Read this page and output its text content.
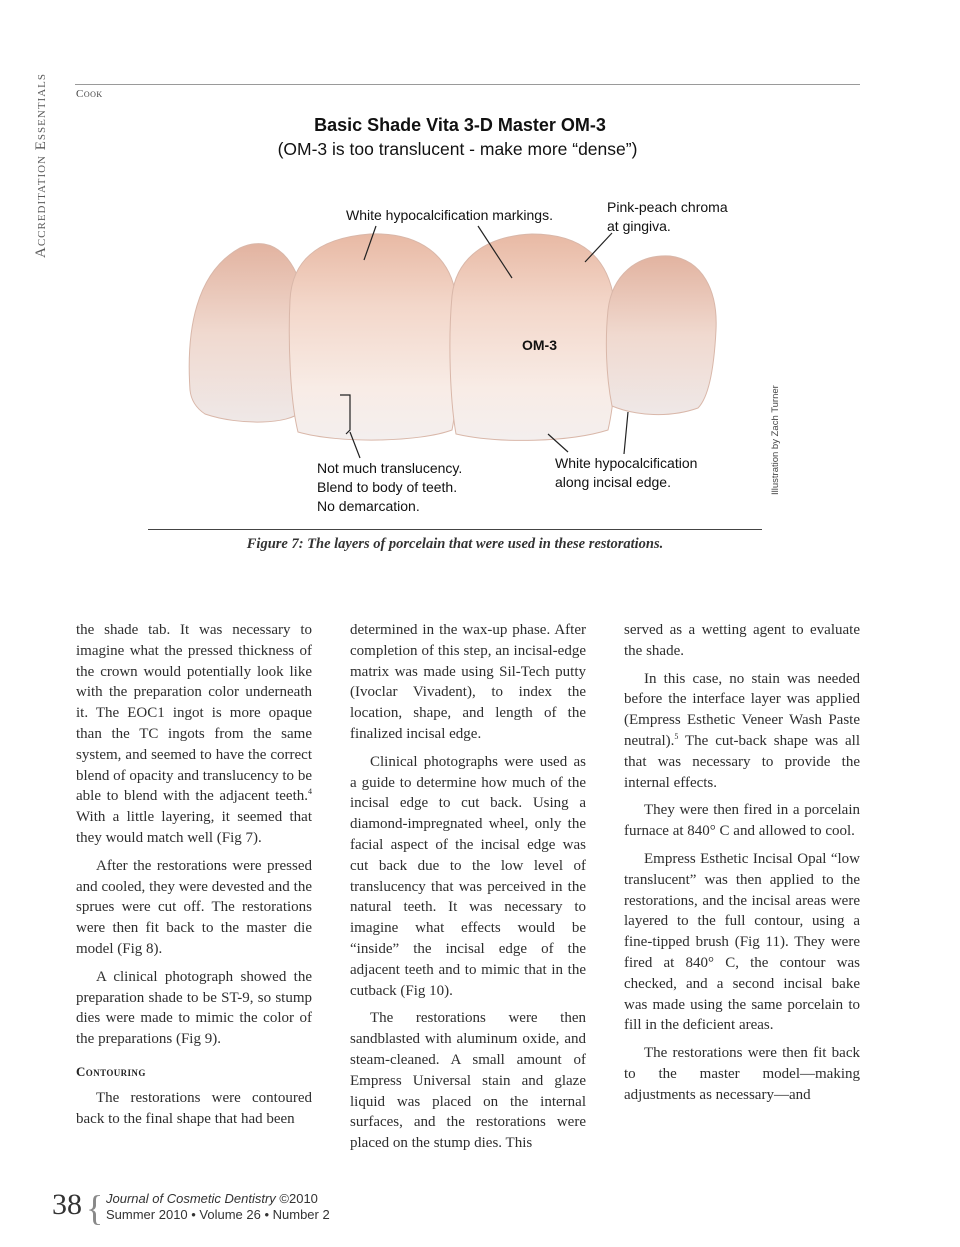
Accreditation Essentials Cook
Basic Shade Vita 3-D Master OM-3
(OM-3 is too translucent - make more “dense”)
White hypocalcification markings.	Pink-peach chroma
at gingiva.
OM-3
Not much translucency.
Blend to body of teeth.
No demarcation.
White hypocalcification
along incisal edge.	Illustration by Zach Turner
Figure 7: The layers of porcelain that were used in these restorations.

the shade tab. It was necessary to imagine what the pressed thickness of the crown would potentially look like with the preparation color underneath it. The EOC1 ingot is more opaque than the TC ingots from the same system, and seemed to have the correct blend of opacity and translucency to be able to blend with the adjacent teeth.$^4$ With a little layering, it seemed that they would match well (Fig 7).

After the restorations were pressed and cooled, they were devested and the sprues were cut off. The restorations were then fit back to the master die model (Fig 8).

A clinical photograph showed the preparation shade to be ST-9, so stump dies were made to mimic the color of the preparations (Fig 9).

Contouring

The restorations were contoured back to the final shape that had been

determined in the wax-up phase. After completion of this step, an incisal-edge matrix was made using Sil-Tech putty (Ivoclar Vivadent), to index the location, shape, and length of the finalized incisal edge.

Clinical photographs were used as a guide to determine how much of the incisal edge to cut back. Using a diamond-impregnated wheel, only the facial aspect of the incisal edge was cut back due to the low level of translucency that was perceived in the natural teeth. It was necessary to imagine what effects would be “inside” the incisal edge of the adjacent teeth and to mimic that in the cutback (Fig 10).

The restorations were then sandblasted with aluminum oxide, and steam-cleaned. A small amount of Empress Universal stain and glaze liquid was placed on the internal surfaces, and the restorations were placed on the stump dies. This

served as a wetting agent to evaluate the shade.

In this case, no stain was needed before the interface layer was applied (Empress Esthetic Veneer Wash Paste neutral).$^5$ The cut-back shape was all that was necessary to provide the internal effects.

They were then fired in a porcelain furnace at 840° C and allowed to cool.

Empress Esthetic Incisal Opal “low translucent” was then applied to the restorations, and the incisal areas were layered to the full contour, using a fine-tipped brush (Fig 11). They were fired at 840° C, the contour was checked, and a second incisal bake was made using the same porcelain to fill in the deficient areas.

The restorations were then fit back to the master model—making adjustments as necessary—and

38 { Journal of Cosmetic Dentistry ©2010
Summer 2010 • Volume 26 • Number 2
